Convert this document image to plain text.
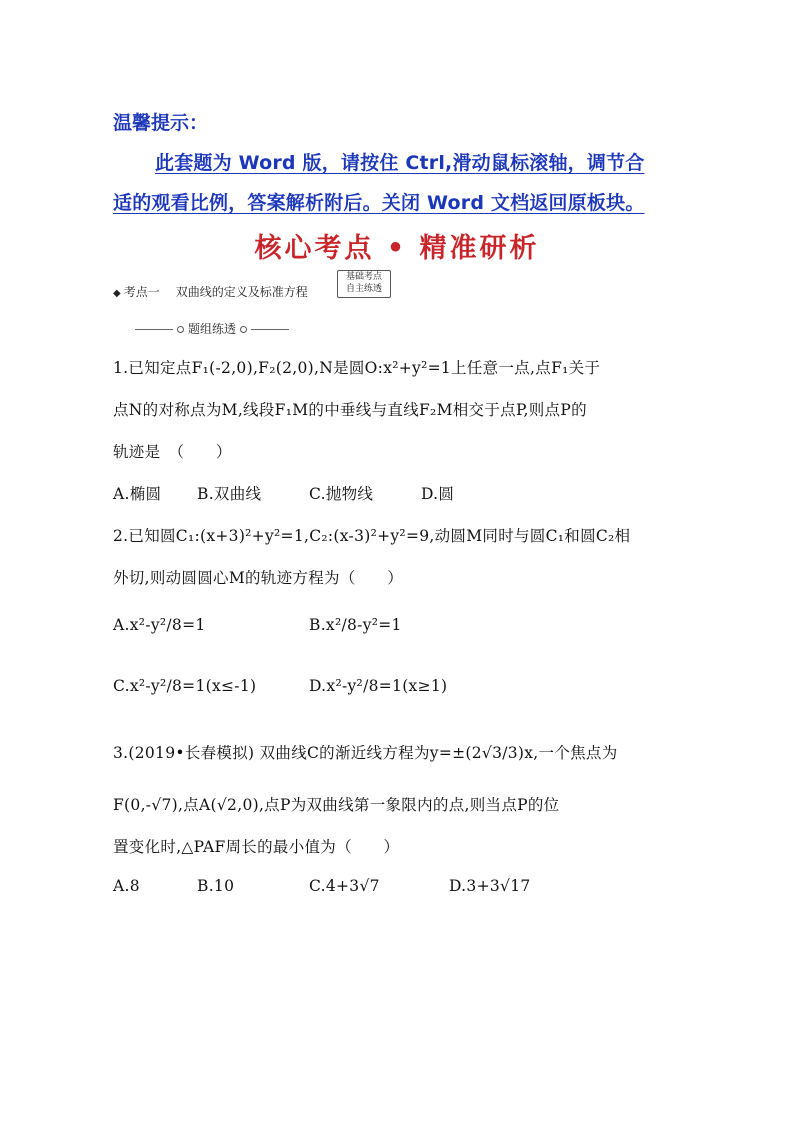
温馨提示：
此套题为 Word 版，请按住 Ctrl,滑动鼠标滚轴，调节合
适的观看比例，答案解析附后。关闭 Word 文档返回原板块。
核心考点 • 精准研析
◆ 考点一 双曲线的定义及标准方程
基础考点
自主练透
题组练透
1.已知定点F₁(-2,0),F₂(2,0),N是圆O:x²+y²=1上任意一点,点F₁关于
点N的对称点为M,线段F₁M的中垂线与直线F₂M相交于点P,则点P的
轨迹是　（　　）
A.椭圆 B.双曲线	C.抛物线	D.圆
2.已知圆C₁:(x+3)²+y²=1,C₂:(x-3)²+y²=9,动圆M同时与圆C₁和圆C₂相
外切,则动圆圆心M的轨迹方程为（　　）
A.x²-y²/8=1	B.x²/8-y²=1
C.x²-y²/8=1(x≤-1)	D.x²-y²/8=1(x≥1)
3.(2019•长春模拟) 双曲线C的渐近线方程为y=±(2√3/3)x,一个焦点为
F(0,-√7),点A(√2,0),点P为双曲线第一象限内的点,则当点P的位
置变化时,△PAF周长的最小值为（　　）
A.8	B.10	C.4+3√7	D.3+3√17
